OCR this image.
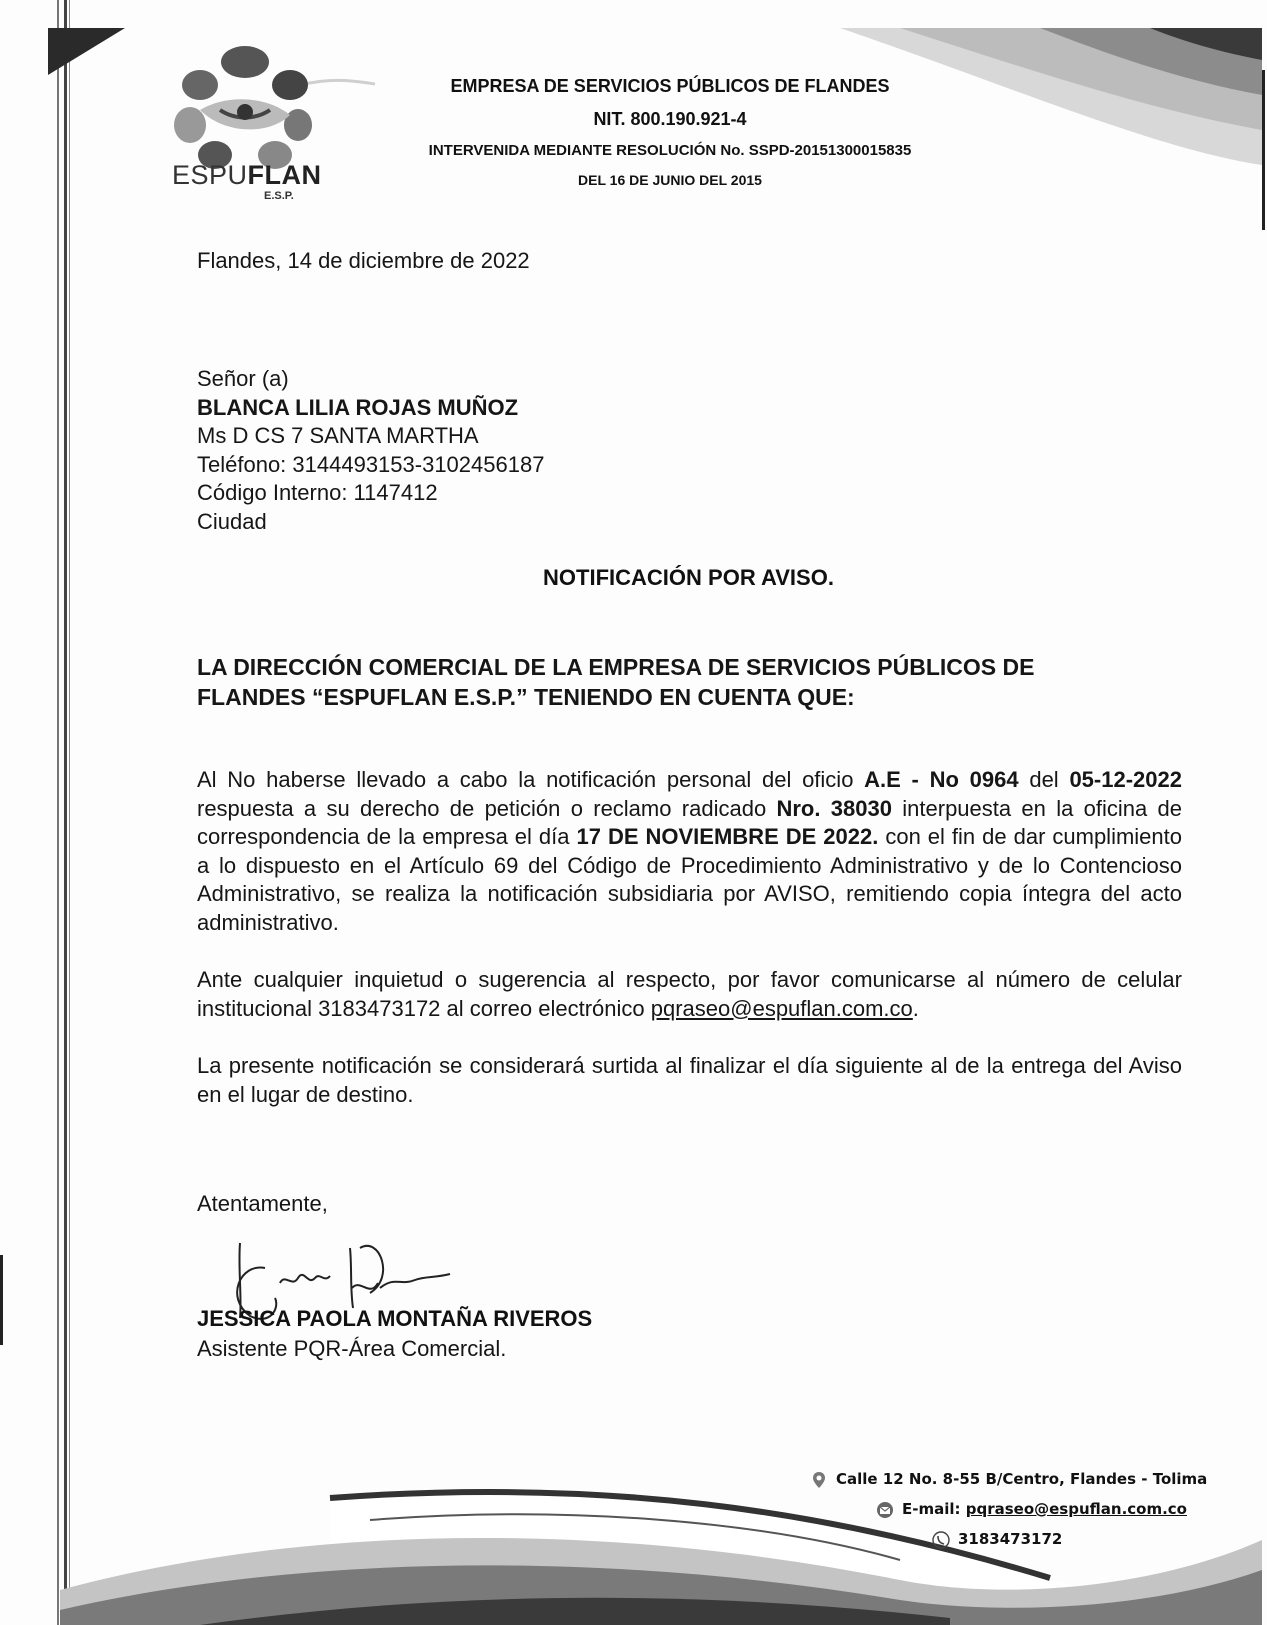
ESPUFLAN
E.S.P.
EMPRESA DE SERVICIOS PÚBLICOS DE FLANDES
NIT. 800.190.921-4
INTERVENIDA MEDIANTE RESOLUCIÓN No. SSPD-20151300015835
DEL 16 DE JUNIO DEL 2015
Flandes, 14 de diciembre de 2022
Señor (a)
BLANCA LILIA ROJAS MUÑOZ
Ms D CS 7 SANTA MARTHA
Teléfono: 3144493153-3102456187
Código Interno: 1147412
Ciudad
NOTIFICACIÓN POR AVISO.
LA DIRECCIÓN COMERCIAL DE LA EMPRESA DE SERVICIOS PÚBLICOS DE FLANDES “ESPUFLAN E.S.P.” TENIENDO EN CUENTA QUE:
Al No haberse llevado a cabo la notificación personal del oficio A.E - No 0964 del 05-12-2022 respuesta a su derecho de petición o reclamo radicado Nro. 38030 interpuesta en la oficina de correspondencia de la empresa el día 17 DE NOVIEMBRE DE 2022. con el fin de dar cumplimiento a lo dispuesto en el Artículo 69 del Código de Procedimiento Administrativo y de lo Contencioso Administrativo, se realiza la notificación subsidiaria por AVISO, remitiendo copia íntegra del acto administrativo.
Ante cualquier inquietud o sugerencia al respecto, por favor comunicarse al número de celular institucional 3183473172 al correo electrónico pqraseo@espuflan.com.co.
La presente notificación se considerará surtida al finalizar el día siguiente al de la entrega del Aviso en el lugar de destino.
Atentamente,
JESSICA PAOLA MONTAÑA RIVEROS
Asistente PQR-Área Comercial.
Calle 12 No. 8-55 B/Centro, Flandes - Tolima
E-mail: pqraseo@espuflan.com.co
3183473172
